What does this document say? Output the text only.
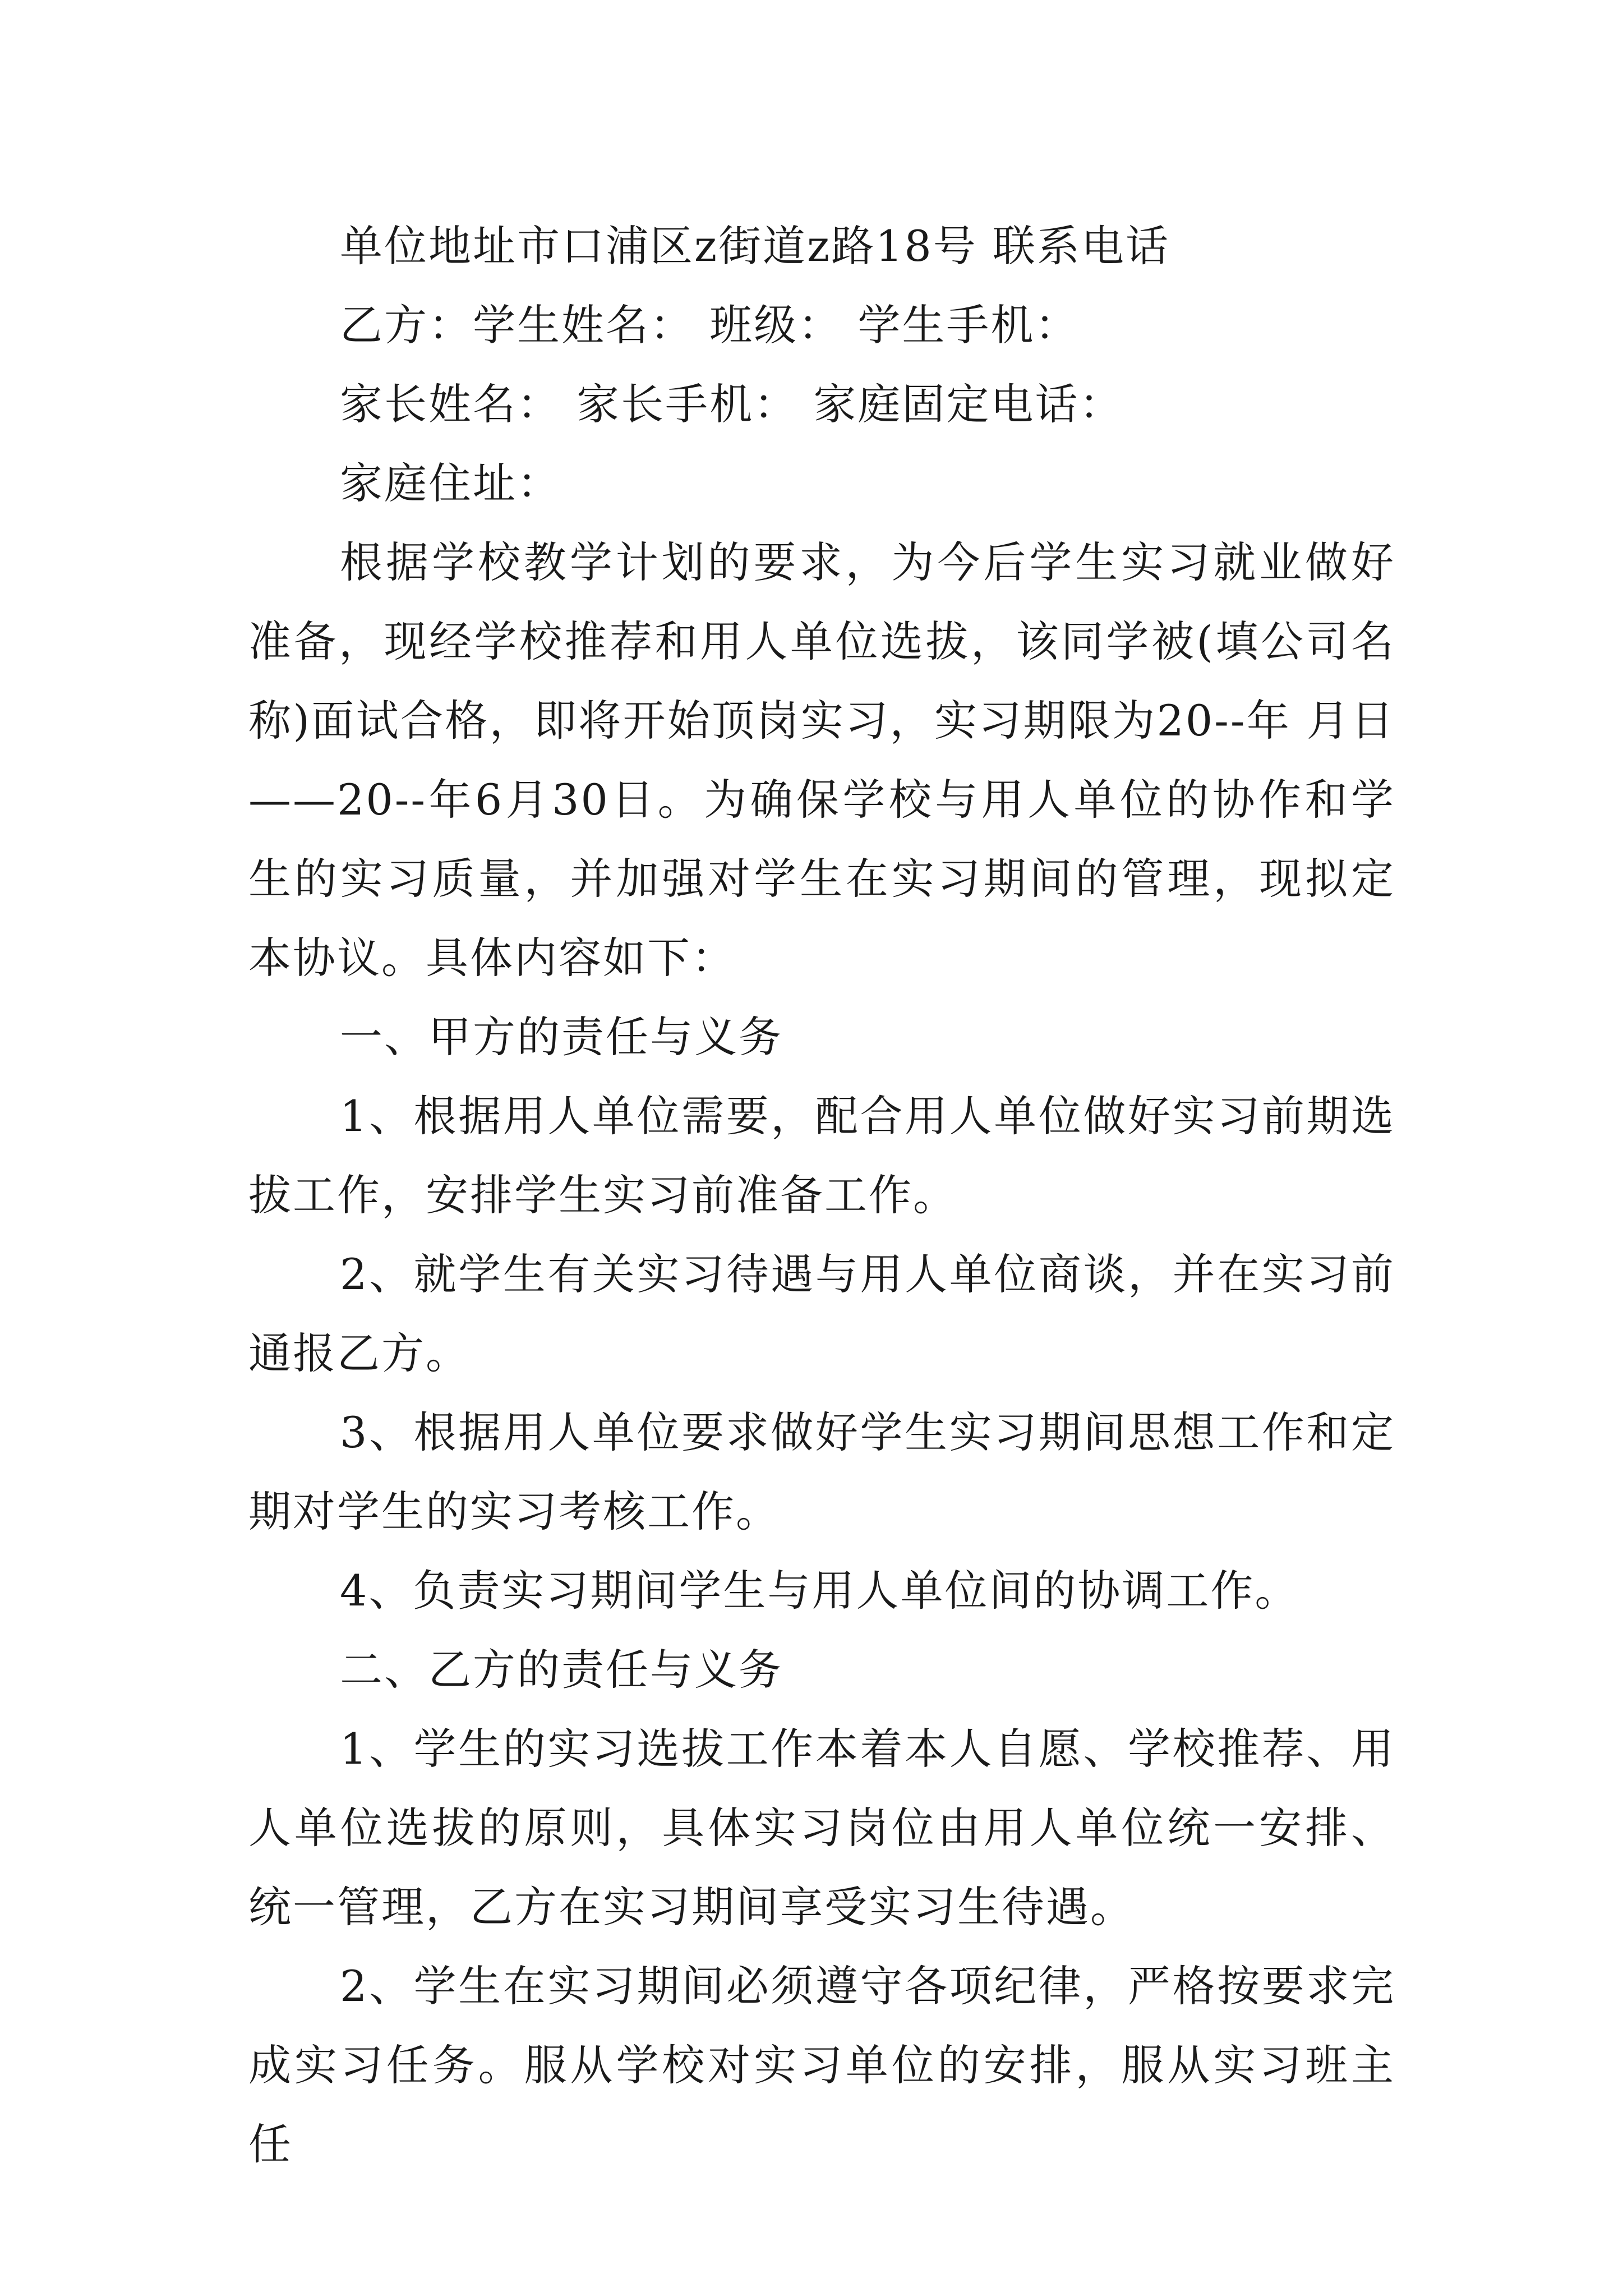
单位地址市口浦区z街道z路18号 联系电话

乙方：学生姓名： 班级： 学生手机：

家长姓名： 家长手机： 家庭固定电话：

家庭住址：

根据学校教学计划的要求，为今后学生实习就业做好准备，现经学校推荐和用人单位选拔，该同学被(填公司名称)面试合格，即将开始顶岗实习，实习期限为20--年 月日——20--年6月30日。为确保学校与用人单位的协作和学生的实习质量，并加强对学生在实习期间的管理，现拟定本协议。具体内容如下：

一、甲方的责任与义务

1、根据用人单位需要，配合用人单位做好实习前期选拔工作，安排学生实习前准备工作。

2、就学生有关实习待遇与用人单位商谈，并在实习前通报乙方。

3、根据用人单位要求做好学生实习期间思想工作和定期对学生的实习考核工作。

4、负责实习期间学生与用人单位间的协调工作。

二、乙方的责任与义务

1、学生的实习选拔工作本着本人自愿、学校推荐、用人单位选拔的原则，具体实习岗位由用人单位统一安排、统一管理，乙方在实习期间享受实习生待遇。

2、学生在实习期间必须遵守各项纪律，严格按要求完成实习任务。服从学校对实习单位的安排，服从实习班主任
